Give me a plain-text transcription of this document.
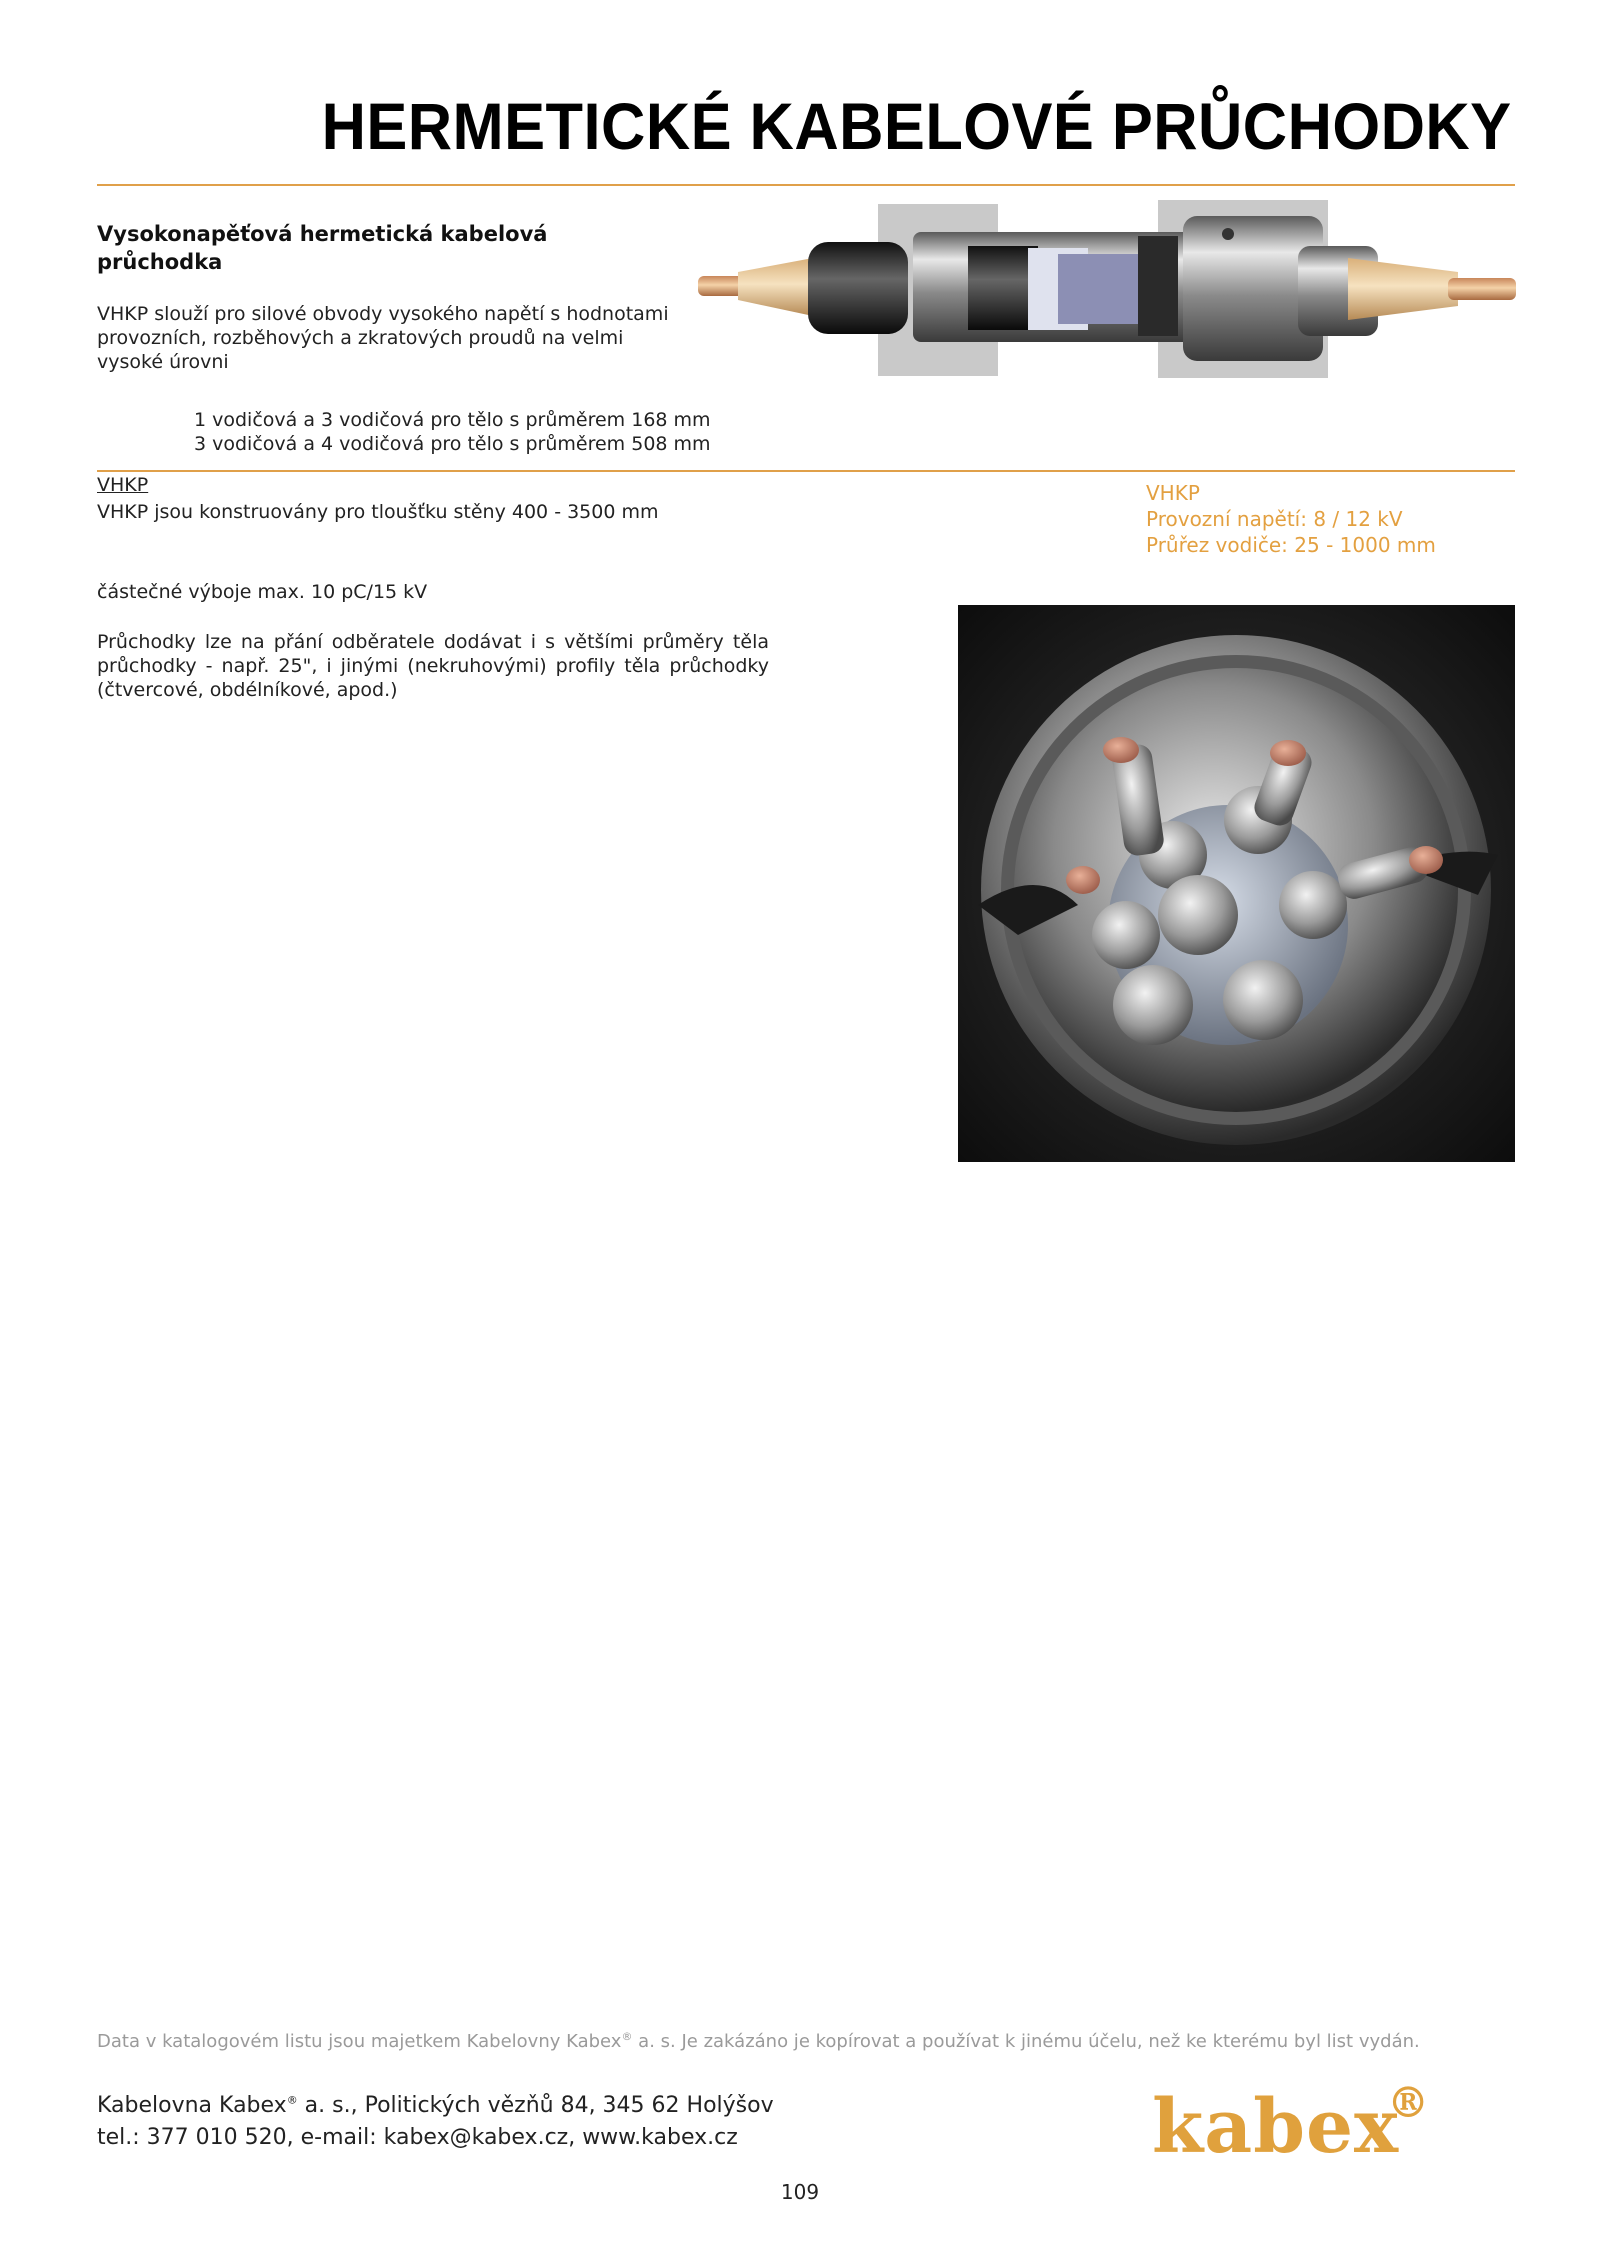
HERMETICKÉ KABELOVÉ PRŮCHODKY
Vysokonapěťová hermetická kabelová průchodka

VHKP slouží pro silové obvody vysokého napětí s hodnotami provozních, rozběhových a zkratových proudů na velmi vysoké úrovni

1 vodičová a 3 vodičová pro tělo s průměrem 168 mm
3 vodičová a 4 vodičová pro tělo s průměrem 508 mm
VHKP
VHKP jsou konstruovány pro tloušťku stěny 400 - 3500 mm
VHKP
Provozní napětí: 8 / 12 kV
Průřez vodiče: 25 - 1000 mm
částečné výboje max. 10 pC/15 kV

Průchodky lze na přání odběratele dodávat i s většími průměry těla průchodky - např. 25", i jinými (nekruhovými) profily těla průchodky (čtvercové, obdélníkové, apod.)

Data v katalogovém listu jsou majetkem Kabelovny Kabex® a. s. Je zakázáno je kopírovat a používat k jinému účelu, než ke kterému byl list vydán.

Kabelovna Kabex® a. s., Politických vězňů 84, 345 62 Holýšov
tel.: 377 010 520, e-mail: kabex@kabex.cz, www.kabex.cz	kabex
®
109
